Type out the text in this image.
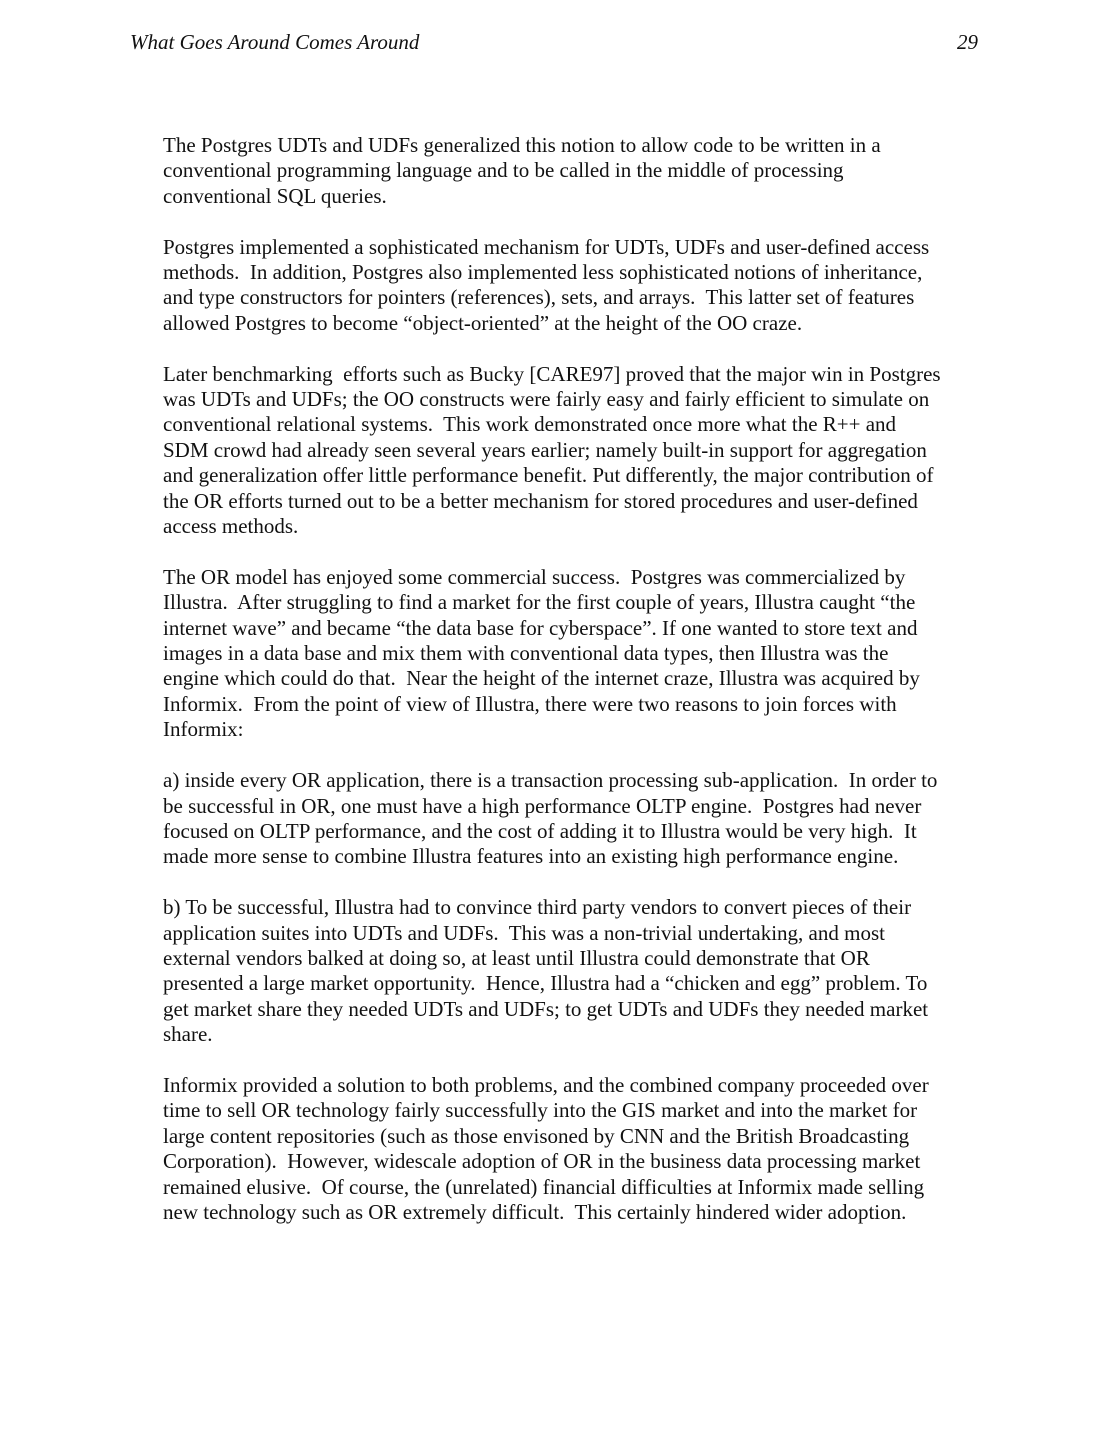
What Goes Around Comes Around	29

The Postgres UDTs and UDFs generalized this notion to allow code to be written in a conventional programming language and to be called in the middle of processing conventional SQL queries.

Postgres implemented a sophisticated mechanism for UDTs, UDFs and user-defined access methods.  In addition, Postgres also implemented less sophisticated notions of inheritance, and type constructors for pointers (references), sets, and arrays.  This latter set of features allowed Postgres to become “object-oriented” at the height of the OO craze.

Later benchmarking  efforts such as Bucky [CARE97] proved that the major win in Postgres was UDTs and UDFs; the OO constructs were fairly easy and fairly efficient to simulate on conventional relational systems.  This work demonstrated once more what the R++ and SDM crowd had already seen several years earlier; namely built-in support for aggregation and generalization offer little performance benefit. Put differently, the major contribution of the OR efforts turned out to be a better mechanism for stored procedures and user-defined access methods.

The OR model has enjoyed some commercial success.  Postgres was commercialized by Illustra.  After struggling to find a market for the first couple of years, Illustra caught “the internet wave” and became “the data base for cyberspace”. If one wanted to store text and images in a data base and mix them with conventional data types, then Illustra was the engine which could do that.  Near the height of the internet craze, Illustra was acquired by Informix.  From the point of view of Illustra, there were two reasons to join forces with Informix:

a) inside every OR application, there is a transaction processing sub-application.  In order to be successful in OR, one must have a high performance OLTP engine.  Postgres had never focused on OLTP performance, and the cost of adding it to Illustra would be very high.  It made more sense to combine Illustra features into an existing high performance engine.

b) To be successful, Illustra had to convince third party vendors to convert pieces of their application suites into UDTs and UDFs.  This was a non-trivial undertaking, and most external vendors balked at doing so, at least until Illustra could demonstrate that OR presented a large market opportunity.  Hence, Illustra had a “chicken and egg” problem. To get market share they needed UDTs and UDFs; to get UDTs and UDFs they needed market share.

Informix provided a solution to both problems, and the combined company proceeded over time to sell OR technology fairly successfully into the GIS market and into the market for large content repositories (such as those envisoned by CNN and the British Broadcasting Corporation).  However, widescale adoption of OR in the business data processing market remained elusive.  Of course, the (unrelated) financial difficulties at Informix made selling new technology such as OR extremely difficult.  This certainly hindered wider adoption.
